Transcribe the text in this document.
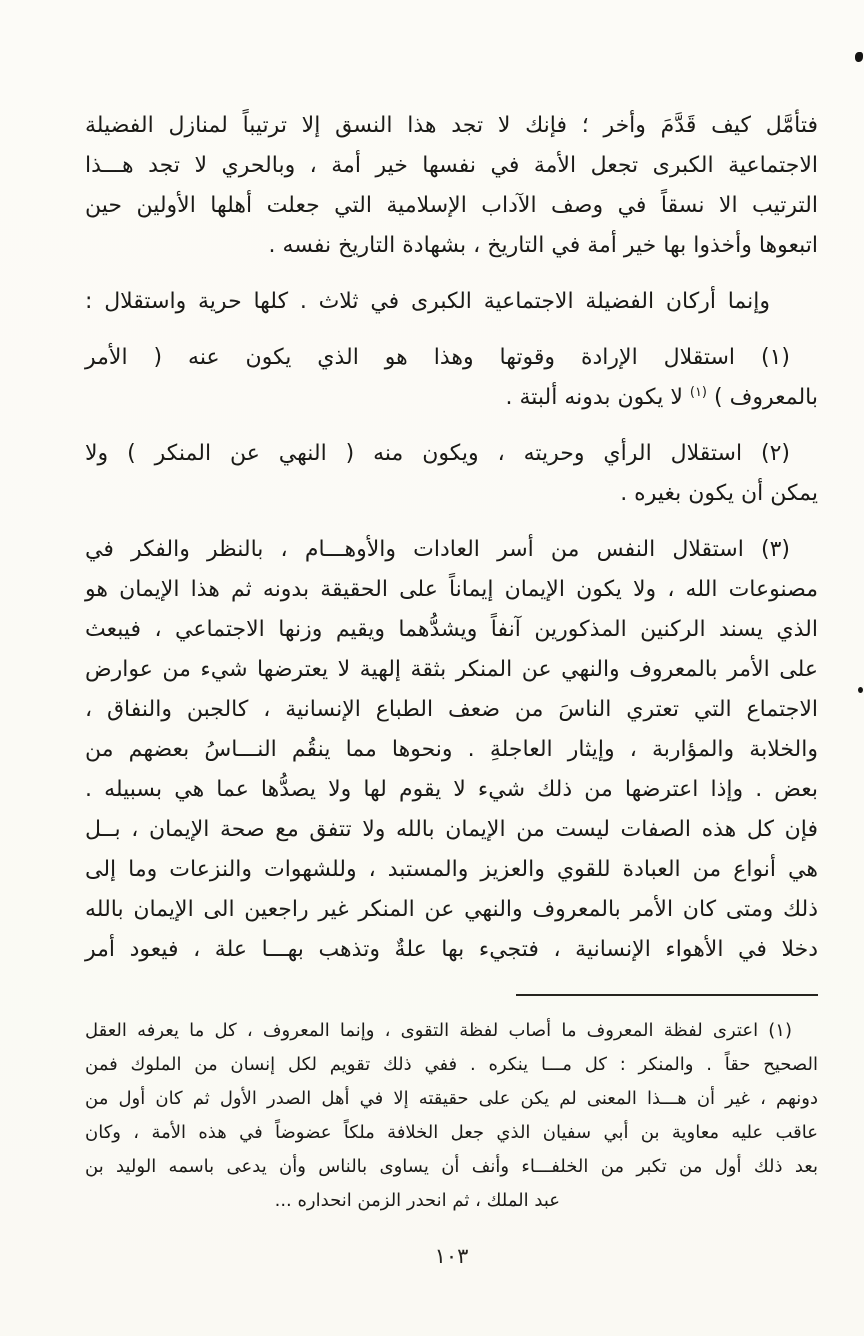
فتأمَّل كيف قَدَّمَ وأخر ؛ فإنك لا تجد هذا النسق إلا ترتيباً لمنازل الفضيلة
الاجتماعية الكبرى تجعل الأمة في نفسها خير أمة ، وبالحري لا تجد هـــذا
الترتيب الا نسقاً في وصف الآداب الإسلامية التي جعلت أهلها الأولين حين
اتبعوها وأخذوا بها خير أمة في التاريخ ، بشهادة التاريخ نفسه .

وإنما أركان الفضيلة الاجتماعية الكبرى في ثلاث . كلها حرية واستقلال :

(١) استقلال الإرادة وقوتها وهذا هو الذي يكون عنه ( الأمر
بالمعروف ) $^{(١)}$ لا يكون بدونه ألبتة .

(٢) استقلال الرأي وحريته ، ويكون منه ( النهي عن المنكر ) ولا
يمكن أن يكون بغيره .

(٣) استقلال النفس من أسر العادات والأوهـــام ، بالنظر والفكر في
مصنوعات الله ، ولا يكون الإيمان إيماناً على الحقيقة بدونه ثم هذا الإيمان هو
الذي يسند الركنين المذكورين آنفاً ويشدُّهما ويقيم وزنها الاجتماعي ، فيبعث
على الأمر بالمعروف والنهي عن المنكر بثقة إلهية لا يعترضها شيء من عوارض
الاجتماع التي تعتري الناسَ من ضعف الطباع الإنسانية ، كالجبن والنفاق ،
والخلابة والمؤاربة ، وإيثار العاجلةِ . ونحوها مما ينقُم النـــاسُ بعضهم من
بعض . وإذا اعترضها من ذلك شيء لا يقوم لها ولا يصدُّها عما هي بسبيله .
فإن كل هذه الصفات ليست من الإيمان بالله ولا تتفق مع صحة الإيمان ، بــل
هي أنواع من العبادة للقوي والعزيز والمستبد ، وللشهوات والنزعات وما إلى
ذلك ومتى كان الأمر بالمعروف والنهي عن المنكر غير راجعين الى الإيمان بالله
دخلا في الأهواء الإنسانية ، فتجيء بها علةٌ وتذهب بهـــا علة ، فيعود أمر

(١) اعترى لفظة المعروف ما أصاب لفظة التقوى ، وإنما المعروف ، كل ما يعرفه العقل
الصحيح حقاً . والمنكر : كل مـــا ينكره . ففي ذلك تقويم لكل إنسان من الملوك فمن
دونهم ، غير أن هـــذا المعنى لم يكن على حقيقته إلا في أهل الصدر الأول ثم كان أول من
عاقب عليه معاوية بن أبي سفيان الذي جعل الخلافة ملكاً عضوضاً في هذه الأمة ، وكان
بعد ذلك أول من تكبر من الخلفـــاء وأنف أن يساوى بالناس وأن يدعى باسمه الوليد بن
عبد الملك ، ثم انحدر الزمن انحداره ...
١٠٣
